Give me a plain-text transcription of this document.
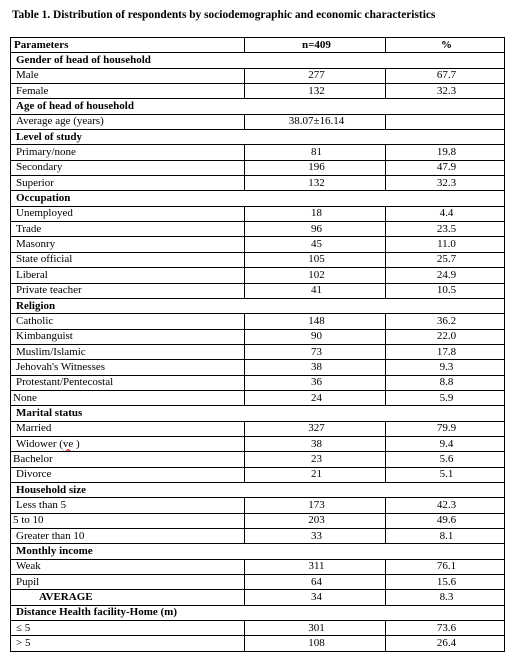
Table 1. Distribution of respondents by sociodemographic and economic characteristics
Parameters	n=409	%
Gender of head of household		
Male	277	67.7
Female	132	32.3
Age of head of household		
Average age (years)	38.07±16.14	
Level of study		
Primary/none	81	19.8
Secondary	196	47.9
Superior	132	32.3
Occupation		
Unemployed	18	4.4
Trade	96	23.5
Masonry	45	11.0
State official	105	25.7
Liberal	102	24.9
Private teacher	41	10.5
Religion		
Catholic	148	36.2
Kimbanguist	90	22.0
Muslim/Islamic	73	17.8
Jehovah's Witnesses	38	9.3
Protestant/Pentecostal	36	8.8
None	24	5.9
Marital status		
Married	327	79.9
Widower (ve )	38	9.4
Bachelor	23	5.6
Divorce	21	5.1
Household size		
Less than 5	173	42.3
5 to 10	203	49.6
Greater than 10	33	8.1
Monthly income		
Weak	311	76.1
Pupil	64	15.6
AVERAGE	34	8.3
Distance Health facility-Home (m)		
≤ 5	301	73.6
> 5	108	26.4
